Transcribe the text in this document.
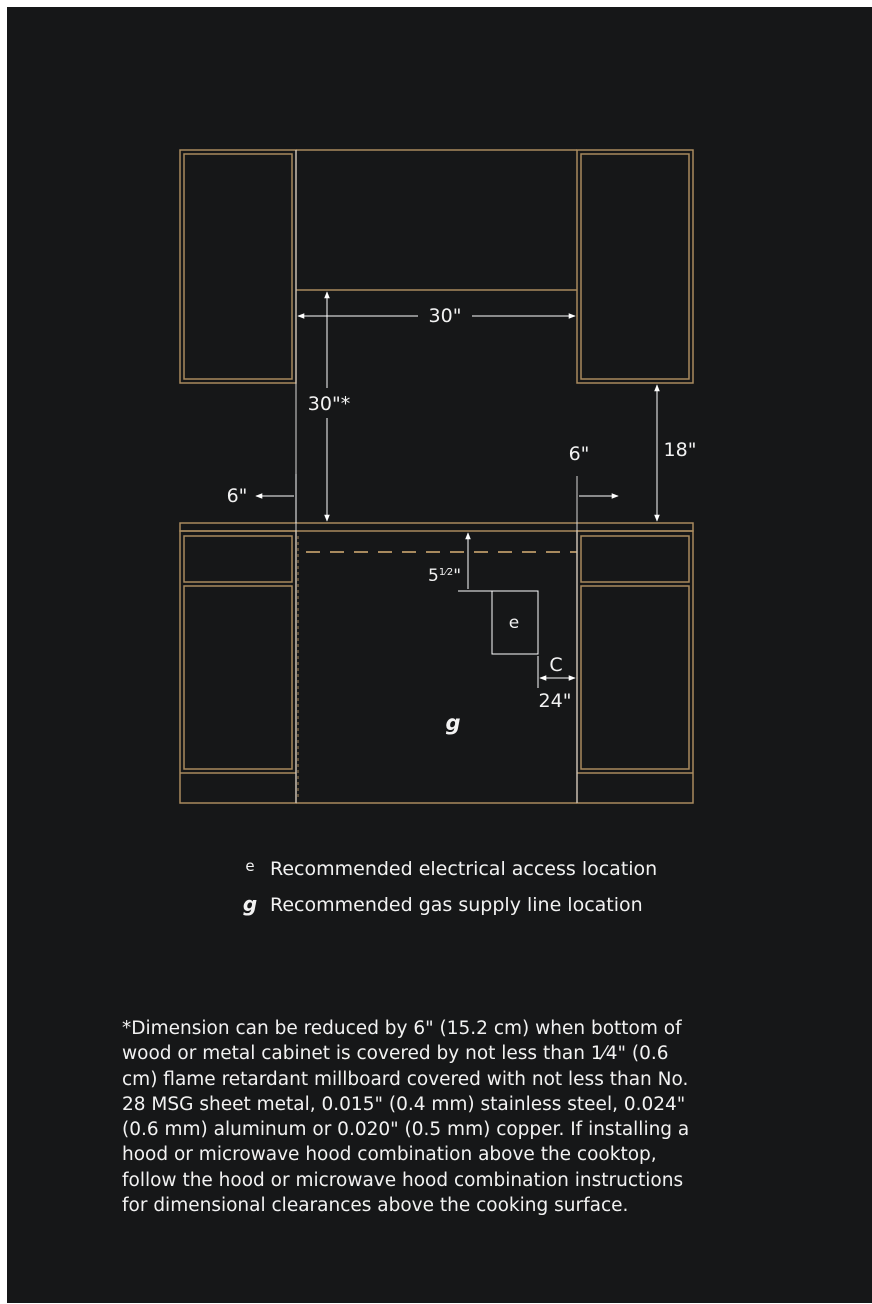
30"
30"*
18"
6"
6"
$5^{1⁄2}$"
e
C
24"
g
e Recommended electrical access location
g Recommended gas supply line location
*Dimension can be reduced by 6" (15.2 cm) when bottom of
wood or metal cabinet is covered by not less than 1⁄4" (0.6
cm) flame retardant millboard covered with not less than No.
28 MSG sheet metal, 0.015" (0.4 mm) stainless steel, 0.024"
(0.6 mm) aluminum or 0.020" (0.5 mm) copper. If installing a
hood or microwave hood combination above the cooktop,
follow the hood or microwave hood combination instructions
for dimensional clearances above the cooking surface.
